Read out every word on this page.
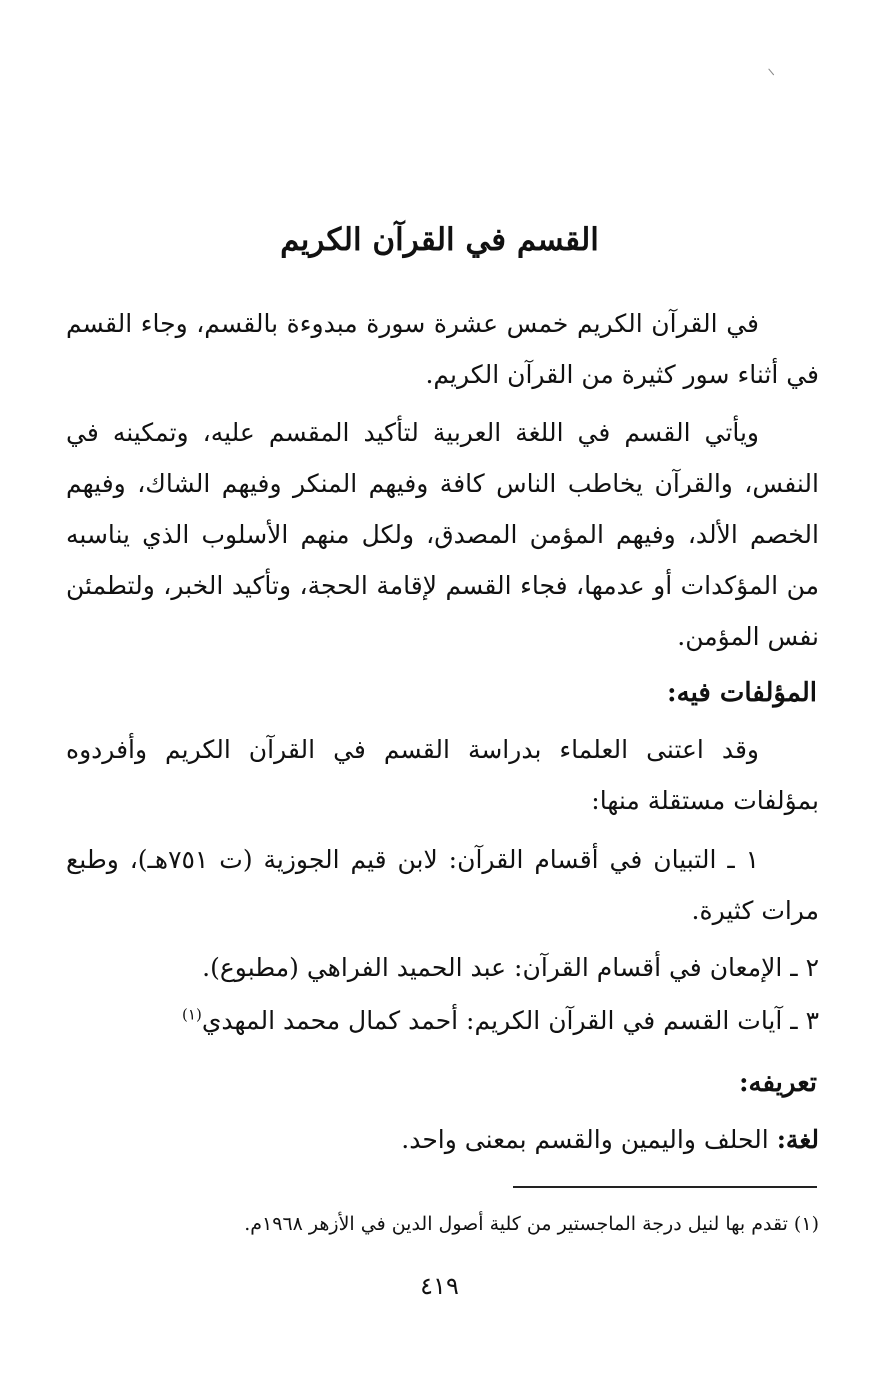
القسم في القرآن الكريم

في القرآن الكريم خمس عشرة سورة مبدوءة بالقسم، وجاء القسم في أثناء سور كثيرة من القرآن الكريم.

ويأتي القسم في اللغة العربية لتأكيد المقسم عليه، وتمكينه في النفس، والقرآن يخاطب الناس كافة وفيهم المنكر وفيهم الشاك، وفيهم الخصم الألد، وفيهم المؤمن المصدق، ولكل منهم الأسلوب الذي يناسبه من المؤكدات أو عدمها، فجاء القسم لإقامة الحجة، وتأكيد الخبر، ولتطمئن نفس المؤمن.

المؤلفات فيه:

وقد اعتنى العلماء بدراسة القسم في القرآن الكريم وأفردوه بمؤلفات مستقلة منها:

١ ـ التبيان في أقسام القرآن: لابن قيم الجوزية (ت ٧٥١هـ)، وطبع مرات كثيرة.

٢ ـ الإمعان في أقسام القرآن: عبد الحميد الفراهي (مطبوع).
٣ ـ آيات القسم في القرآن الكريم: أحمد كمال محمد المهدي$^{(١)}$
تعريفه:
لغة: الحلف واليمين والقسم بمعنى واحد.
(١) تقدم بها لنيل درجة الماجستير من كلية أصول الدين في الأزهر ١٩٦٨م.
٤١٩
